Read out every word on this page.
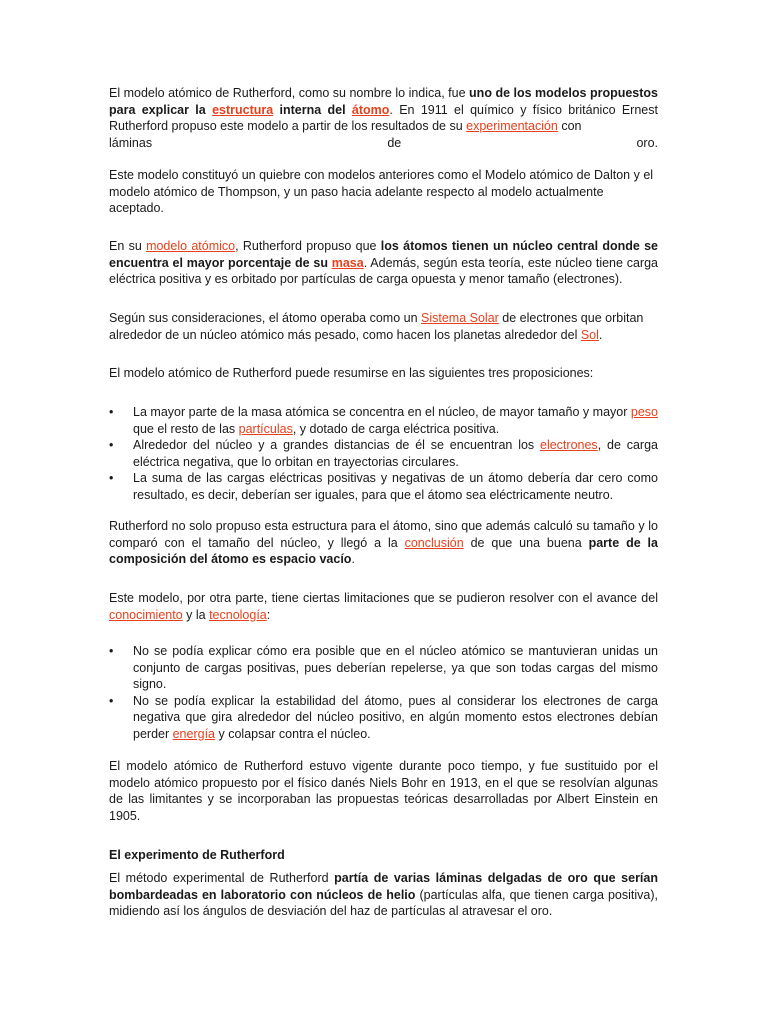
El modelo atómico de Rutherford, como su nombre lo indica, fue uno de los modelos propuestos para explicar la estructura interna del átomo. En 1911 el químico y físico británico Ernest Rutherford propuso este modelo a partir de los resultados de su experimentación con
láminas	de	oro.

Este modelo constituyó un quiebre con modelos anteriores como el Modelo atómico de Dalton y el modelo atómico de Thompson, y un paso hacia adelante respecto al modelo actualmente aceptado.

En su modelo atómico, Rutherford propuso que los átomos tienen un núcleo central donde se encuentra el mayor porcentaje de su masa. Además, según esta teoría, este núcleo tiene carga eléctrica positiva y es orbitado por partículas de carga opuesta y menor tamaño (electrones).

Según sus consideraciones, el átomo operaba como un Sistema Solar de electrones que orbitan alrededor de un núcleo atómico más pesado, como hacen los planetas alrededor del Sol.

El modelo atómico de Rutherford puede resumirse en las siguientes tres proposiciones:

• La mayor parte de la masa atómica se concentra en el núcleo, de mayor tamaño y mayor peso que el resto de las partículas, y dotado de carga eléctrica positiva.
• Alrededor del núcleo y a grandes distancias de él se encuentran los electrones, de carga eléctrica negativa, que lo orbitan en trayectorias circulares.
• La suma de las cargas eléctricas positivas y negativas de un átomo debería dar cero como resultado, es decir, deberían ser iguales, para que el átomo sea eléctricamente neutro.

Rutherford no solo propuso esta estructura para el átomo, sino que además calculó su tamaño y lo comparó con el tamaño del núcleo, y llegó a la conclusión de que una buena parte de la composición del átomo es espacio vacío.

Este modelo, por otra parte, tiene ciertas limitaciones que se pudieron resolver con el avance del conocimiento y la tecnología:

• No se podía explicar cómo era posible que en el núcleo atómico se mantuvieran unidas un conjunto de cargas positivas, pues deberían repelerse, ya que son todas cargas del mismo signo.
• No se podía explicar la estabilidad del átomo, pues al considerar los electrones de carga negativa que gira alrededor del núcleo positivo, en algún momento estos electrones debían perder energía y colapsar contra el núcleo.

El modelo atómico de Rutherford estuvo vigente durante poco tiempo, y fue sustituido por el modelo atómico propuesto por el físico danés Niels Bohr en 1913, en el que se resolvían algunas de las limitantes y se incorporaban las propuestas teóricas desarrolladas por Albert Einstein en 1905.

El experimento de Rutherford

El método experimental de Rutherford partía de varias láminas delgadas de oro que serían bombardeadas en laboratorio con núcleos de helio (partículas alfa, que tienen carga positiva), midiendo así los ángulos de desviación del haz de partículas al atravesar el oro.
